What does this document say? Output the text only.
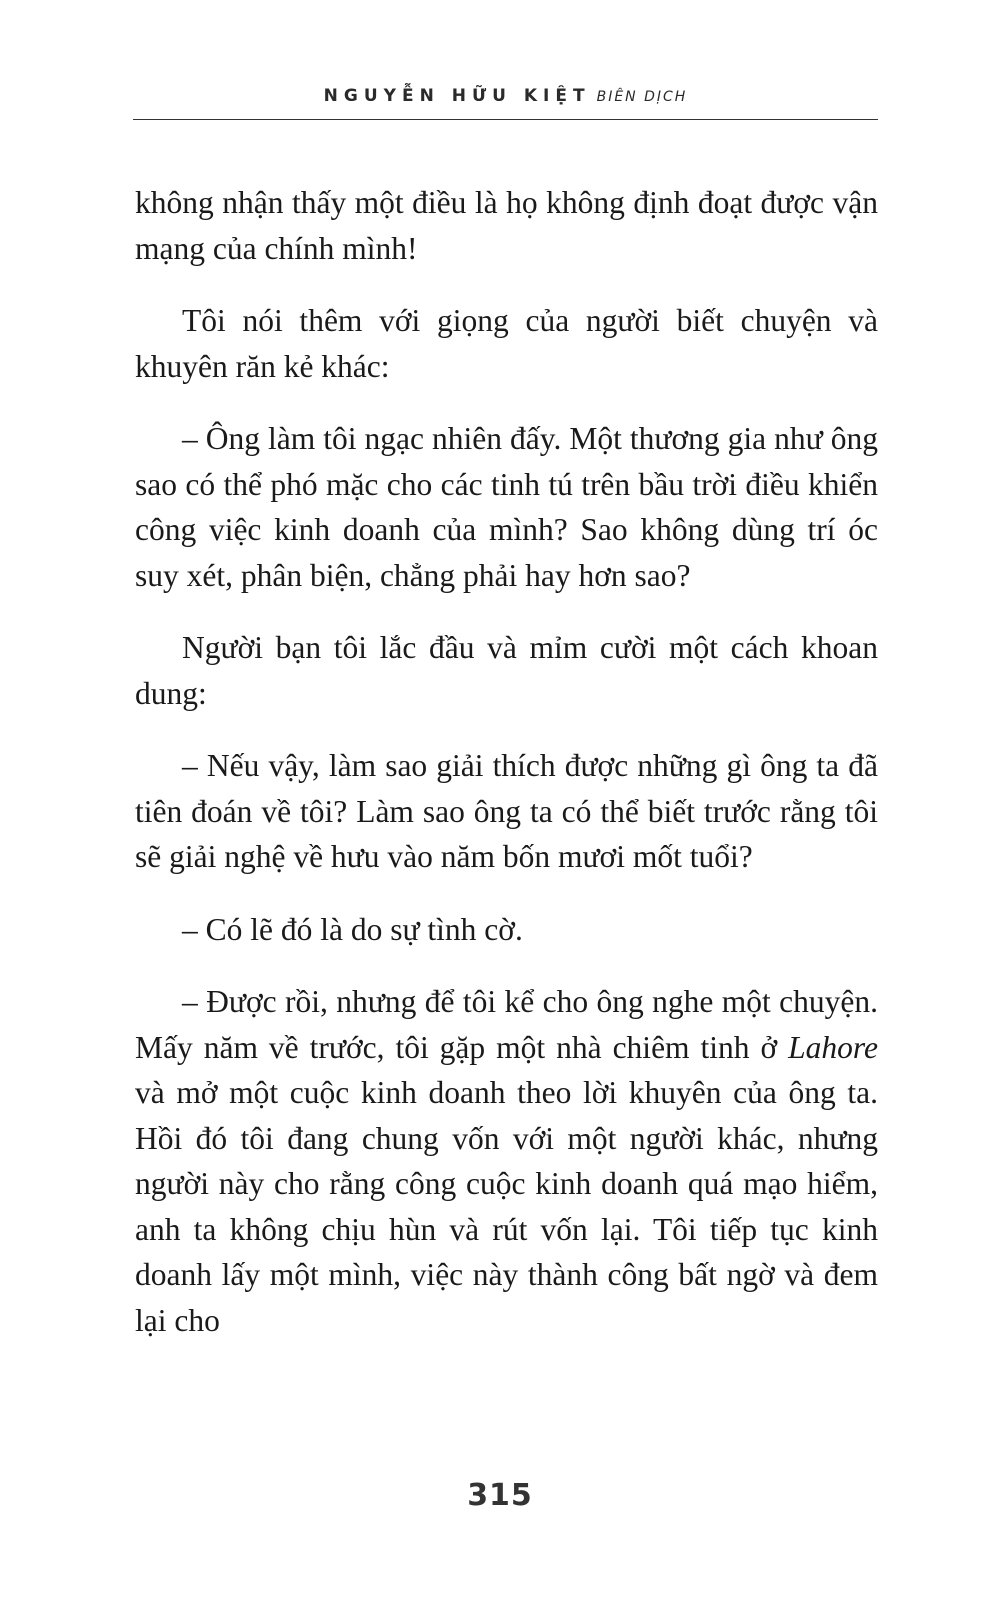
NGUYỄN HỮU KIỆT BIÊN DỊCH

không nhận thấy một điều là họ không định đoạt được vận mạng của chính mình!

Tôi nói thêm với giọng của người biết chuyện và khuyên răn kẻ khác:

– Ông làm tôi ngạc nhiên đấy. Một thương gia như ông sao có thể phó mặc cho các tinh tú trên bầu trời điều khiển công việc kinh doanh của mình? Sao không dùng trí óc suy xét, phân biện, chẳng phải hay hơn sao?

Người bạn tôi lắc đầu và mỉm cười một cách khoan dung:

– Nếu vậy, làm sao giải thích được những gì ông ta đã tiên đoán về tôi? Làm sao ông ta có thể biết trước rằng tôi sẽ giải nghệ về hưu vào năm bốn mươi mốt tuổi?

– Có lẽ đó là do sự tình cờ.

– Được rồi, nhưng để tôi kể cho ông nghe một chuyện. Mấy năm về trước, tôi gặp một nhà chiêm tinh ở Lahore và mở một cuộc kinh doanh theo lời khuyên của ông ta. Hồi đó tôi đang chung vốn với một người khác, nhưng người này cho rằng công cuộc kinh doanh quá mạo hiểm, anh ta không chịu hùn và rút vốn lại. Tôi tiếp tục kinh doanh lấy một mình, việc này thành công bất ngờ và đem lại cho

315
